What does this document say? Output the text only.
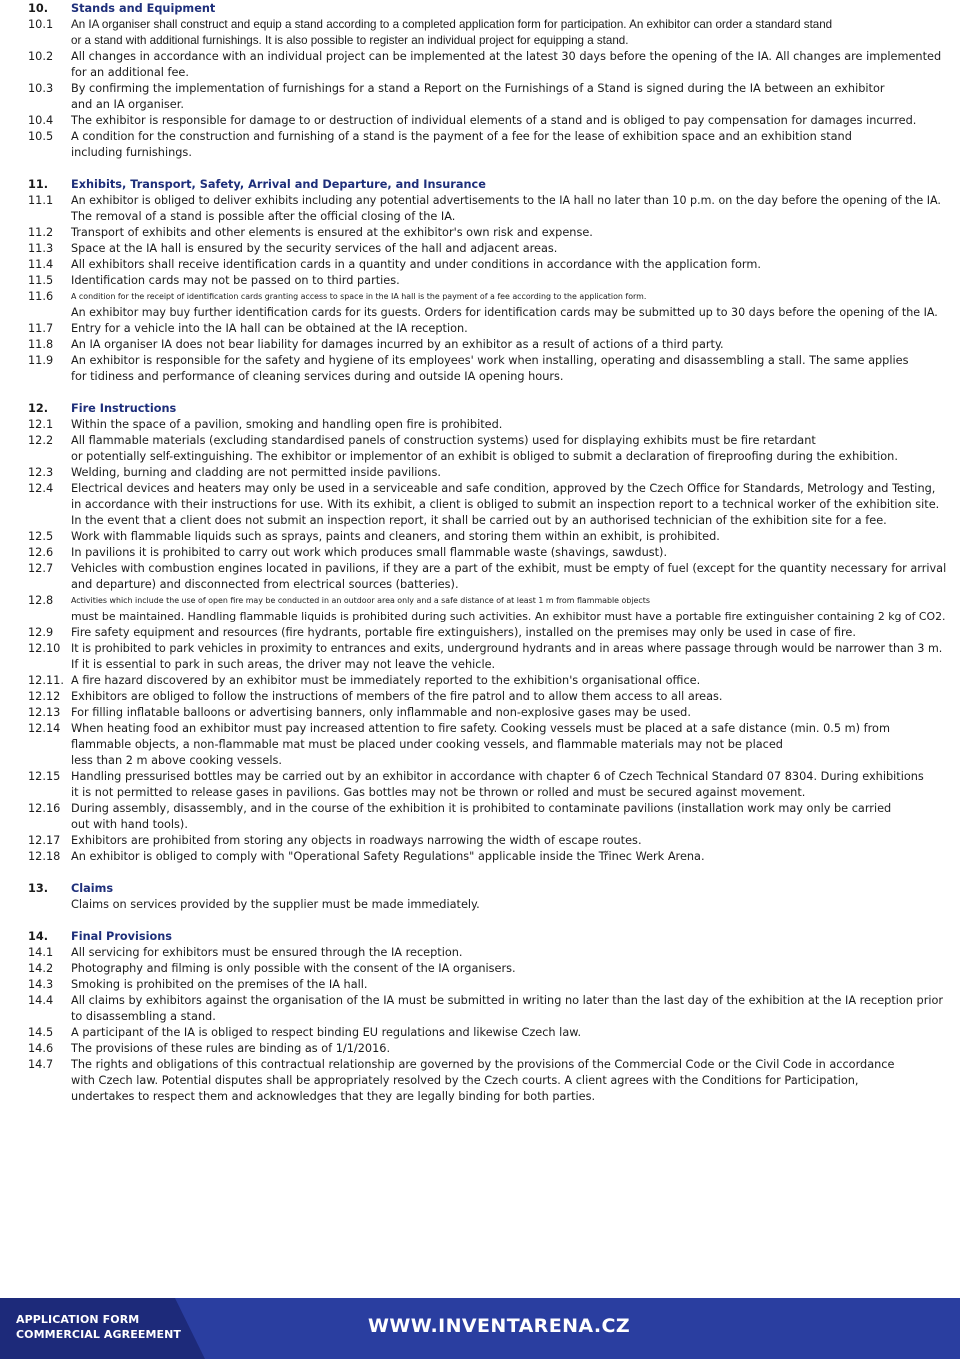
10.	Stands and Equipment
10.1	An IA organiser shall construct and equip a stand according to a completed application form for participation. An exhibitor can order a standard stand
or a stand with additional furnishings. It is also possible to register an individual project for equipping a stand.
10.2	All changes in accordance with an individual project can be implemented at the latest 30 days before the opening of the IA. All changes are implemented
for an additional fee.
10.3	By confirming the implementation of furnishings for a stand a Report on the Furnishings of a Stand is signed during the IA between an exhibitor
and an IA organiser.
10.4	The exhibitor is responsible for damage to or destruction of individual elements of a stand and is obliged to pay compensation for damages incurred.
10.5	A condition for the construction and furnishing of a stand is the payment of a fee for the lease of exhibition space and an exhibition stand
including furnishings.
11.	Exhibits, Transport, Safety, Arrival and Departure, and Insurance
11.1	An exhibitor is obliged to deliver exhibits including any potential advertisements to the IA hall no later than 10 p.m. on the day before the opening of the IA.
The removal of a stand is possible after the official closing of the IA.
11.2	Transport of exhibits and other elements is ensured at the exhibitor's own risk and expense.
11.3	Space at the IA hall is ensured by the security services of the hall and adjacent areas.
11.4	All exhibitors shall receive identification cards in a quantity and under conditions in accordance with the application form.
11.5	Identification cards may not be passed on to third parties.
11.6	A condition for the receipt of identification cards granting access to space in the IA hall is the payment of a fee according to the application form.
An exhibitor may buy further identification cards for its guests. Orders for identification cards may be submitted up to 30 days before the opening of the IA.
11.7	Entry for a vehicle into the IA hall can be obtained at the IA reception.
11.8	An IA organiser IA does not bear liability for damages incurred by an exhibitor as a result of actions of a third party.
11.9	An exhibitor is responsible for the safety and hygiene of its employees' work when installing, operating and disassembling a stall. The same applies
for tidiness and performance of cleaning services during and outside IA opening hours.
12.	Fire Instructions
12.1	Within the space of a pavilion, smoking and handling open fire is prohibited.
12.2	All flammable materials (excluding standardised panels of construction systems) used for displaying exhibits must be fire retardant
or potentially self-extinguishing. The exhibitor or implementor of an exhibit is obliged to submit a declaration of fireproofing during the exhibition.
12.3	Welding, burning and cladding are not permitted inside pavilions.
12.4	Electrical devices and heaters may only be used in a serviceable and safe condition, approved by the Czech Office for Standards, Metrology and Testing,
in accordance with their instructions for use. With its exhibit, a client is obliged to submit an inspection report to a technical worker of the exhibition site.
In the event that a client does not submit an inspection report, it shall be carried out by an authorised technician of the exhibition site for a fee.
12.5	Work with flammable liquids such as sprays, paints and cleaners, and storing them within an exhibit, is prohibited.
12.6	In pavilions it is prohibited to carry out work which produces small flammable waste (shavings, sawdust).
12.7	Vehicles with combustion engines located in pavilions, if they are a part of the exhibit, must be empty of fuel (except for the quantity necessary for arrival
and departure) and disconnected from electrical sources (batteries).
12.8	Activities which include the use of open fire may be conducted in an outdoor area only and a safe distance of at least 1 m from flammable objects
must be maintained. Handling flammable liquids is prohibited during such activities. An exhibitor must have a portable fire extinguisher containing 2 kg of CO2.
12.9	Fire safety equipment and resources (fire hydrants, portable fire extinguishers), installed on the premises may only be used in case of fire.
12.10 It is prohibited to park vehicles in proximity to entrances and exits, underground hydrants and in areas where passage through would be narrower than 3 m.
If it is essential to park in such areas, the driver may not leave the vehicle.
12.11. A fire hazard discovered by an exhibitor must be immediately reported to the exhibition's organisational office.
12.12 Exhibitors are obliged to follow the instructions of members of the fire patrol and to allow them access to all areas.
12.13 For filling inflatable balloons or advertising banners, only inflammable and non-explosive gases may be used.
12.14 When heating food an exhibitor must pay increased attention to fire safety. Cooking vessels must be placed at a safe distance (min. 0.5 m) from
flammable objects, a non-flammable mat must be placed under cooking vessels, and flammable materials may not be placed
less than 2 m above cooking vessels.
12.15 Handling pressurised bottles may be carried out by an exhibitor in accordance with chapter 6 of Czech Technical Standard 07 8304. During exhibitions
it is not permitted to release gases in pavilions. Gas bottles may not be thrown or rolled and must be secured against movement.
12.16 During assembly, disassembly, and in the course of the exhibition it is prohibited to contaminate pavilions (installation work may only be carried
out with hand tools).
12.17 Exhibitors are prohibited from storing any objects in roadways narrowing the width of escape routes.
12.18 An exhibitor is obliged to comply with "Operational Safety Regulations" applicable inside the Třinec Werk Arena.
13.	Claims
Claims on services provided by the supplier must be made immediately.
14.	Final Provisions
14.1	All servicing for exhibitors must be ensured through the IA reception.
14.2	Photography and filming is only possible with the consent of the IA organisers.
14.3	Smoking is prohibited on the premises of the IA hall.
14.4	All claims by exhibitors against the organisation of the IA must be submitted in writing no later than the last day of the exhibition at the IA reception prior
to disassembling a stand.
14.5	A participant of the IA is obliged to respect binding EU regulations and likewise Czech law.
14.6	The provisions of these rules are binding as of 1/1/2016.
14.7	The rights and obligations of this contractual relationship are governed by the provisions of the Commercial Code or the Civil Code in accordance
with Czech law. Potential disputes shall be appropriately resolved by the Czech courts. A client agrees with the Conditions for Participation,
undertakes to respect them and acknowledges that they are legally binding for both parties.
APPLICATION FORM
COMMERCIAL AGREEMENT	WWW.INVENTARENA.CZ
